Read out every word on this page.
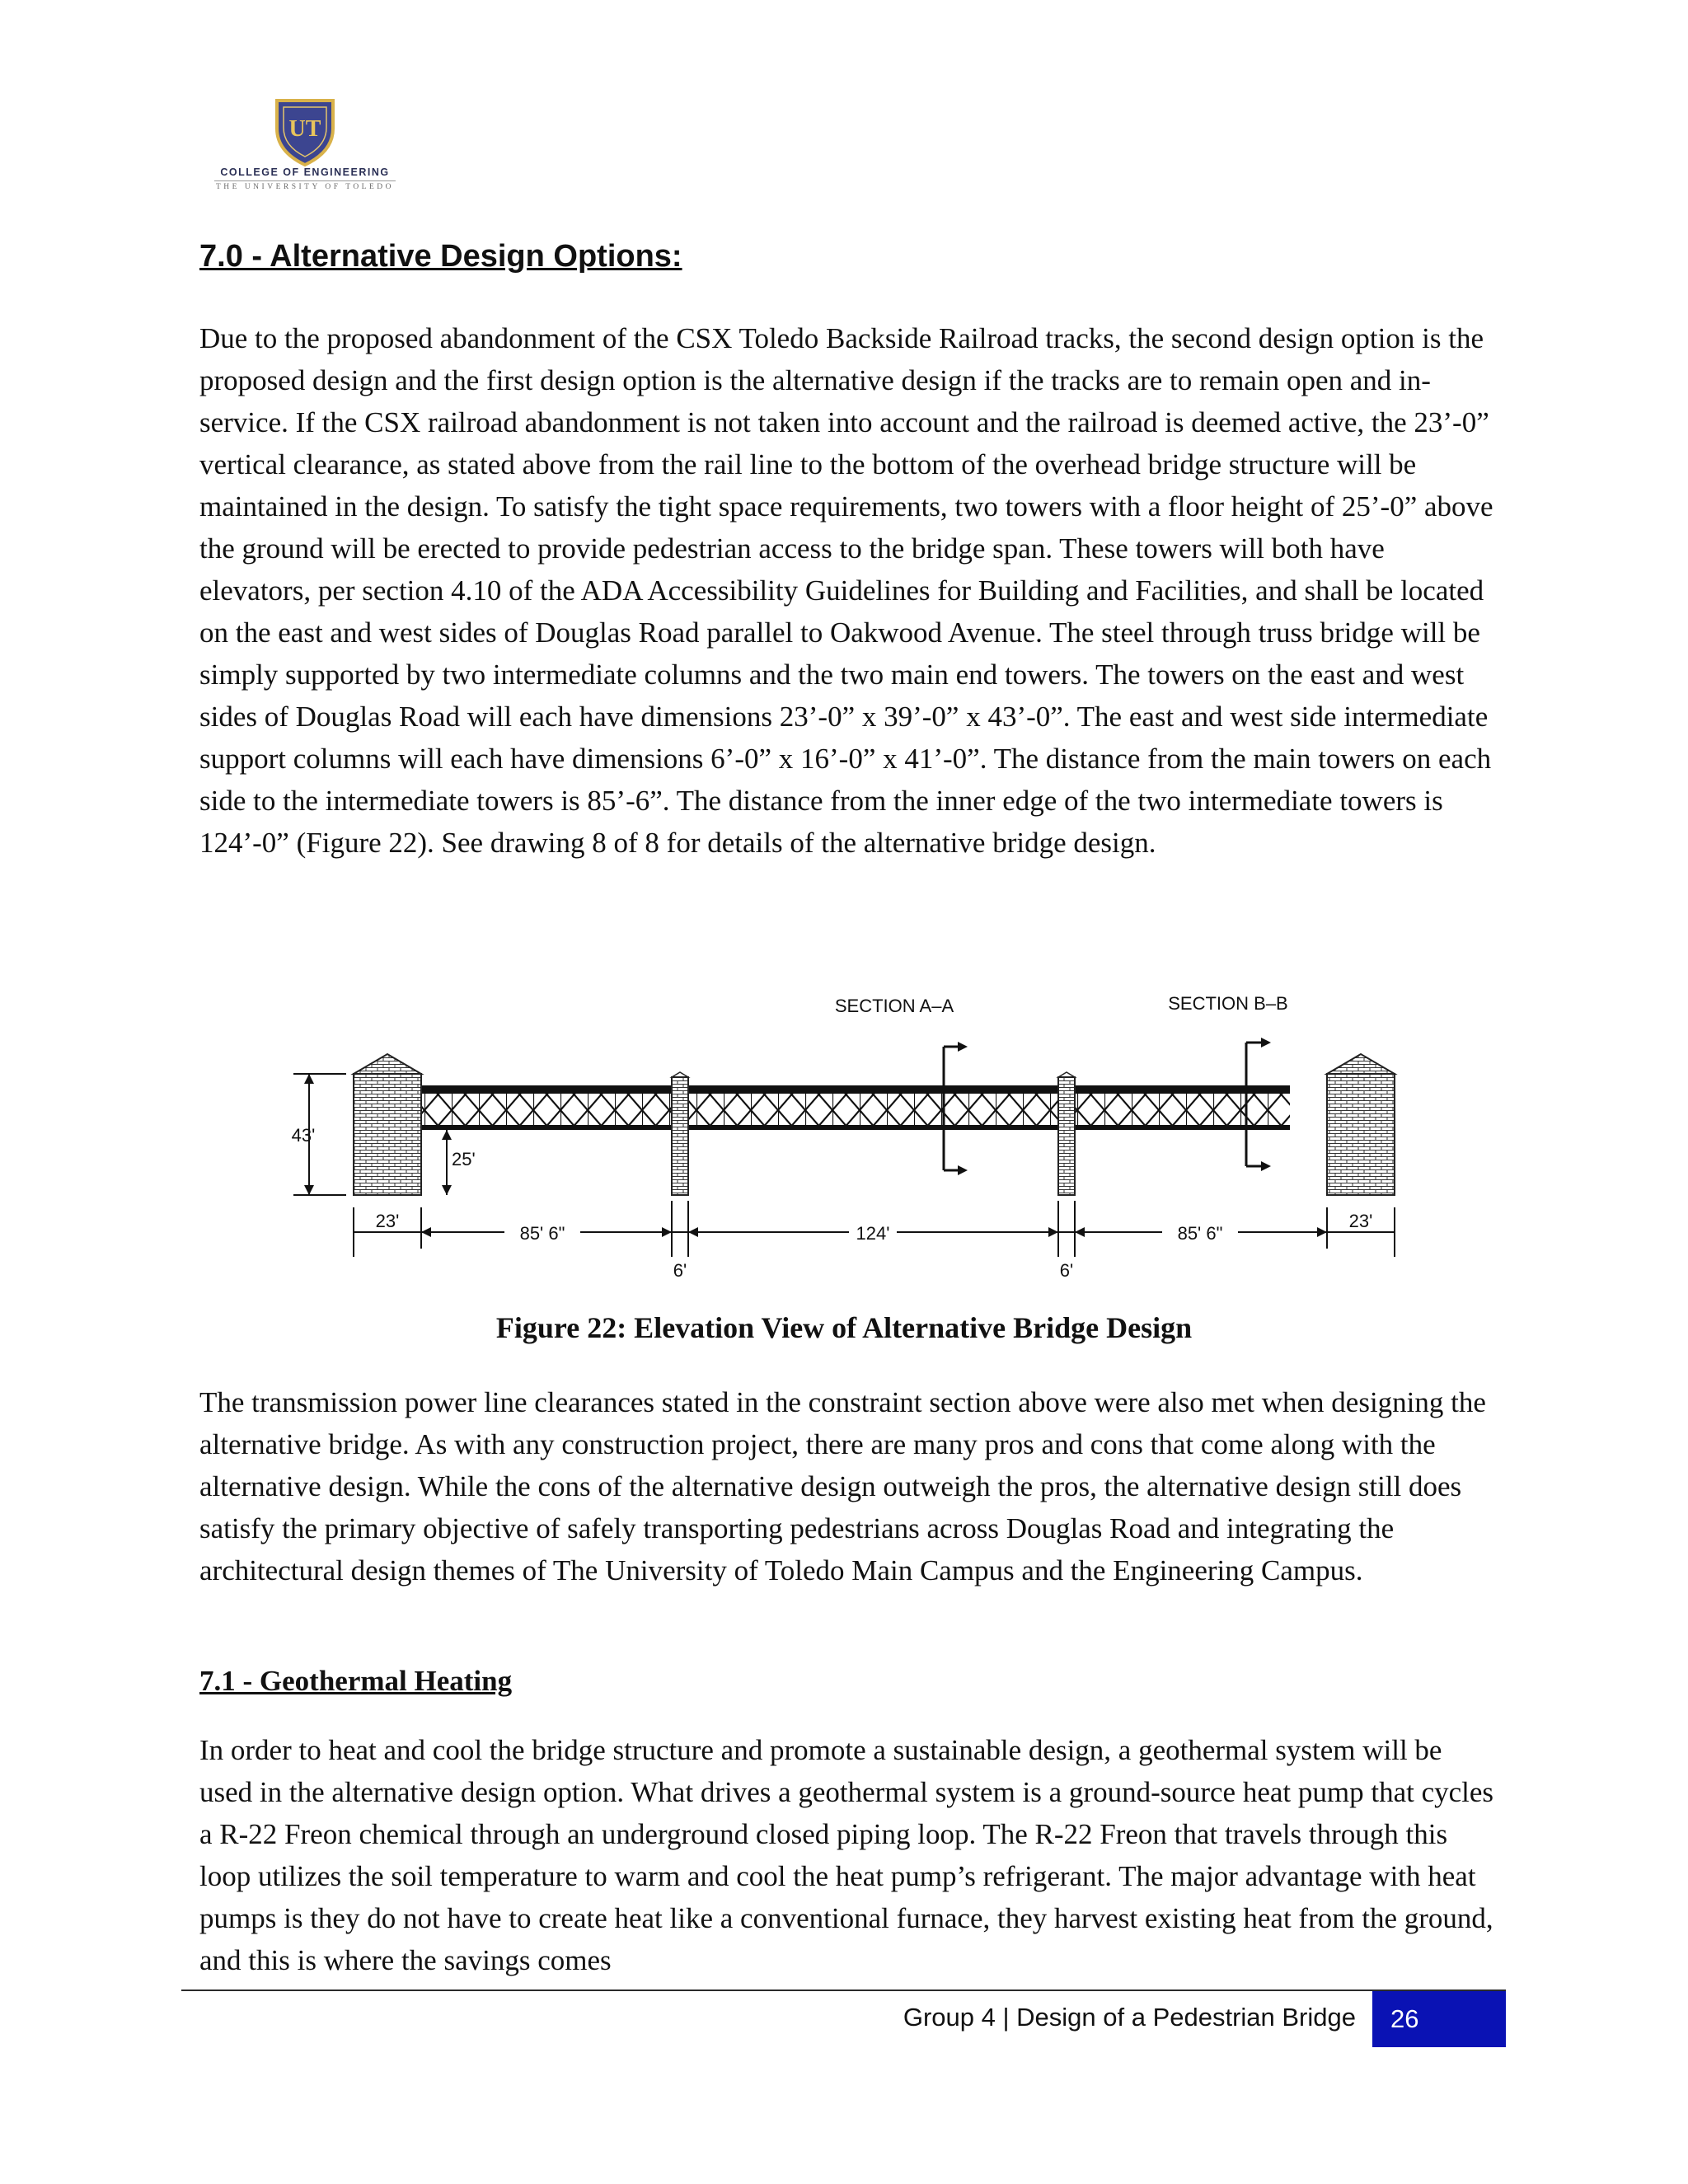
UT
COLLEGE OF ENGINEERING
THE UNIVERSITY OF TOLEDO
7.0 - Alternative Design Options:

Due to the proposed abandonment of the CSX Toledo Backside Railroad tracks, the second design option is the proposed design and the first design option is the alternative design if the tracks are to remain open and in-service. If the CSX railroad abandonment is not taken into account and the railroad is deemed active, the 23’-0” vertical clearance, as stated above from the rail line to the bottom of the overhead bridge structure will be maintained in the design. To satisfy the tight space requirements, two towers with a floor height of 25’-0” above the ground will be erected to provide pedestrian access to the bridge span. These towers will both have elevators, per section 4.10 of the ADA Accessibility Guidelines for Building and Facilities, and shall be located on the east and west sides of Douglas Road parallel to Oakwood Avenue. The steel through truss bridge will be simply supported by two intermediate columns and the two main end towers. The towers on the east and west sides of Douglas Road will each have dimensions 23’-0” x 39’-0” x 43’-0”. The east and west side intermediate support columns will each have dimensions 6’-0” x 16’-0” x 41’-0”. The distance from the main towers on each side to the intermediate towers is 85’-6”. The distance from the inner edge of the two intermediate towers is 124’-0” (Figure 22). See drawing 8 of 8 for details of the alternative bridge design.

SECTION A–A	SECTION B–B
43'
25'
23'	23'
85' 6"	124'	85' 6"
6'	6'
Figure 22: Elevation View of Alternative Bridge Design

The transmission power line clearances stated in the constraint section above were also met when designing the alternative bridge. As with any construction project, there are many pros and cons that come along with the alternative design. While the cons of the alternative design outweigh the pros, the alternative design still does satisfy the primary objective of safely transporting pedestrians across Douglas Road and integrating the architectural design themes of The University of Toledo Main Campus and the Engineering Campus.

7.1 - Geothermal Heating

In order to heat and cool the bridge structure and promote a sustainable design, a geothermal system will be used in the alternative design option. What drives a geothermal system is a ground-source heat pump that cycles a R-22 Freon chemical through an underground closed piping loop. The R-22 Freon that travels through this loop utilizes the soil temperature to warm and cool the heat pump’s refrigerant. The major advantage with heat pumps is they do not have to create heat like a conventional furnace, they harvest existing heat from the ground, and this is where the savings comes

Group 4 | Design of a Pedestrian Bridge	26
